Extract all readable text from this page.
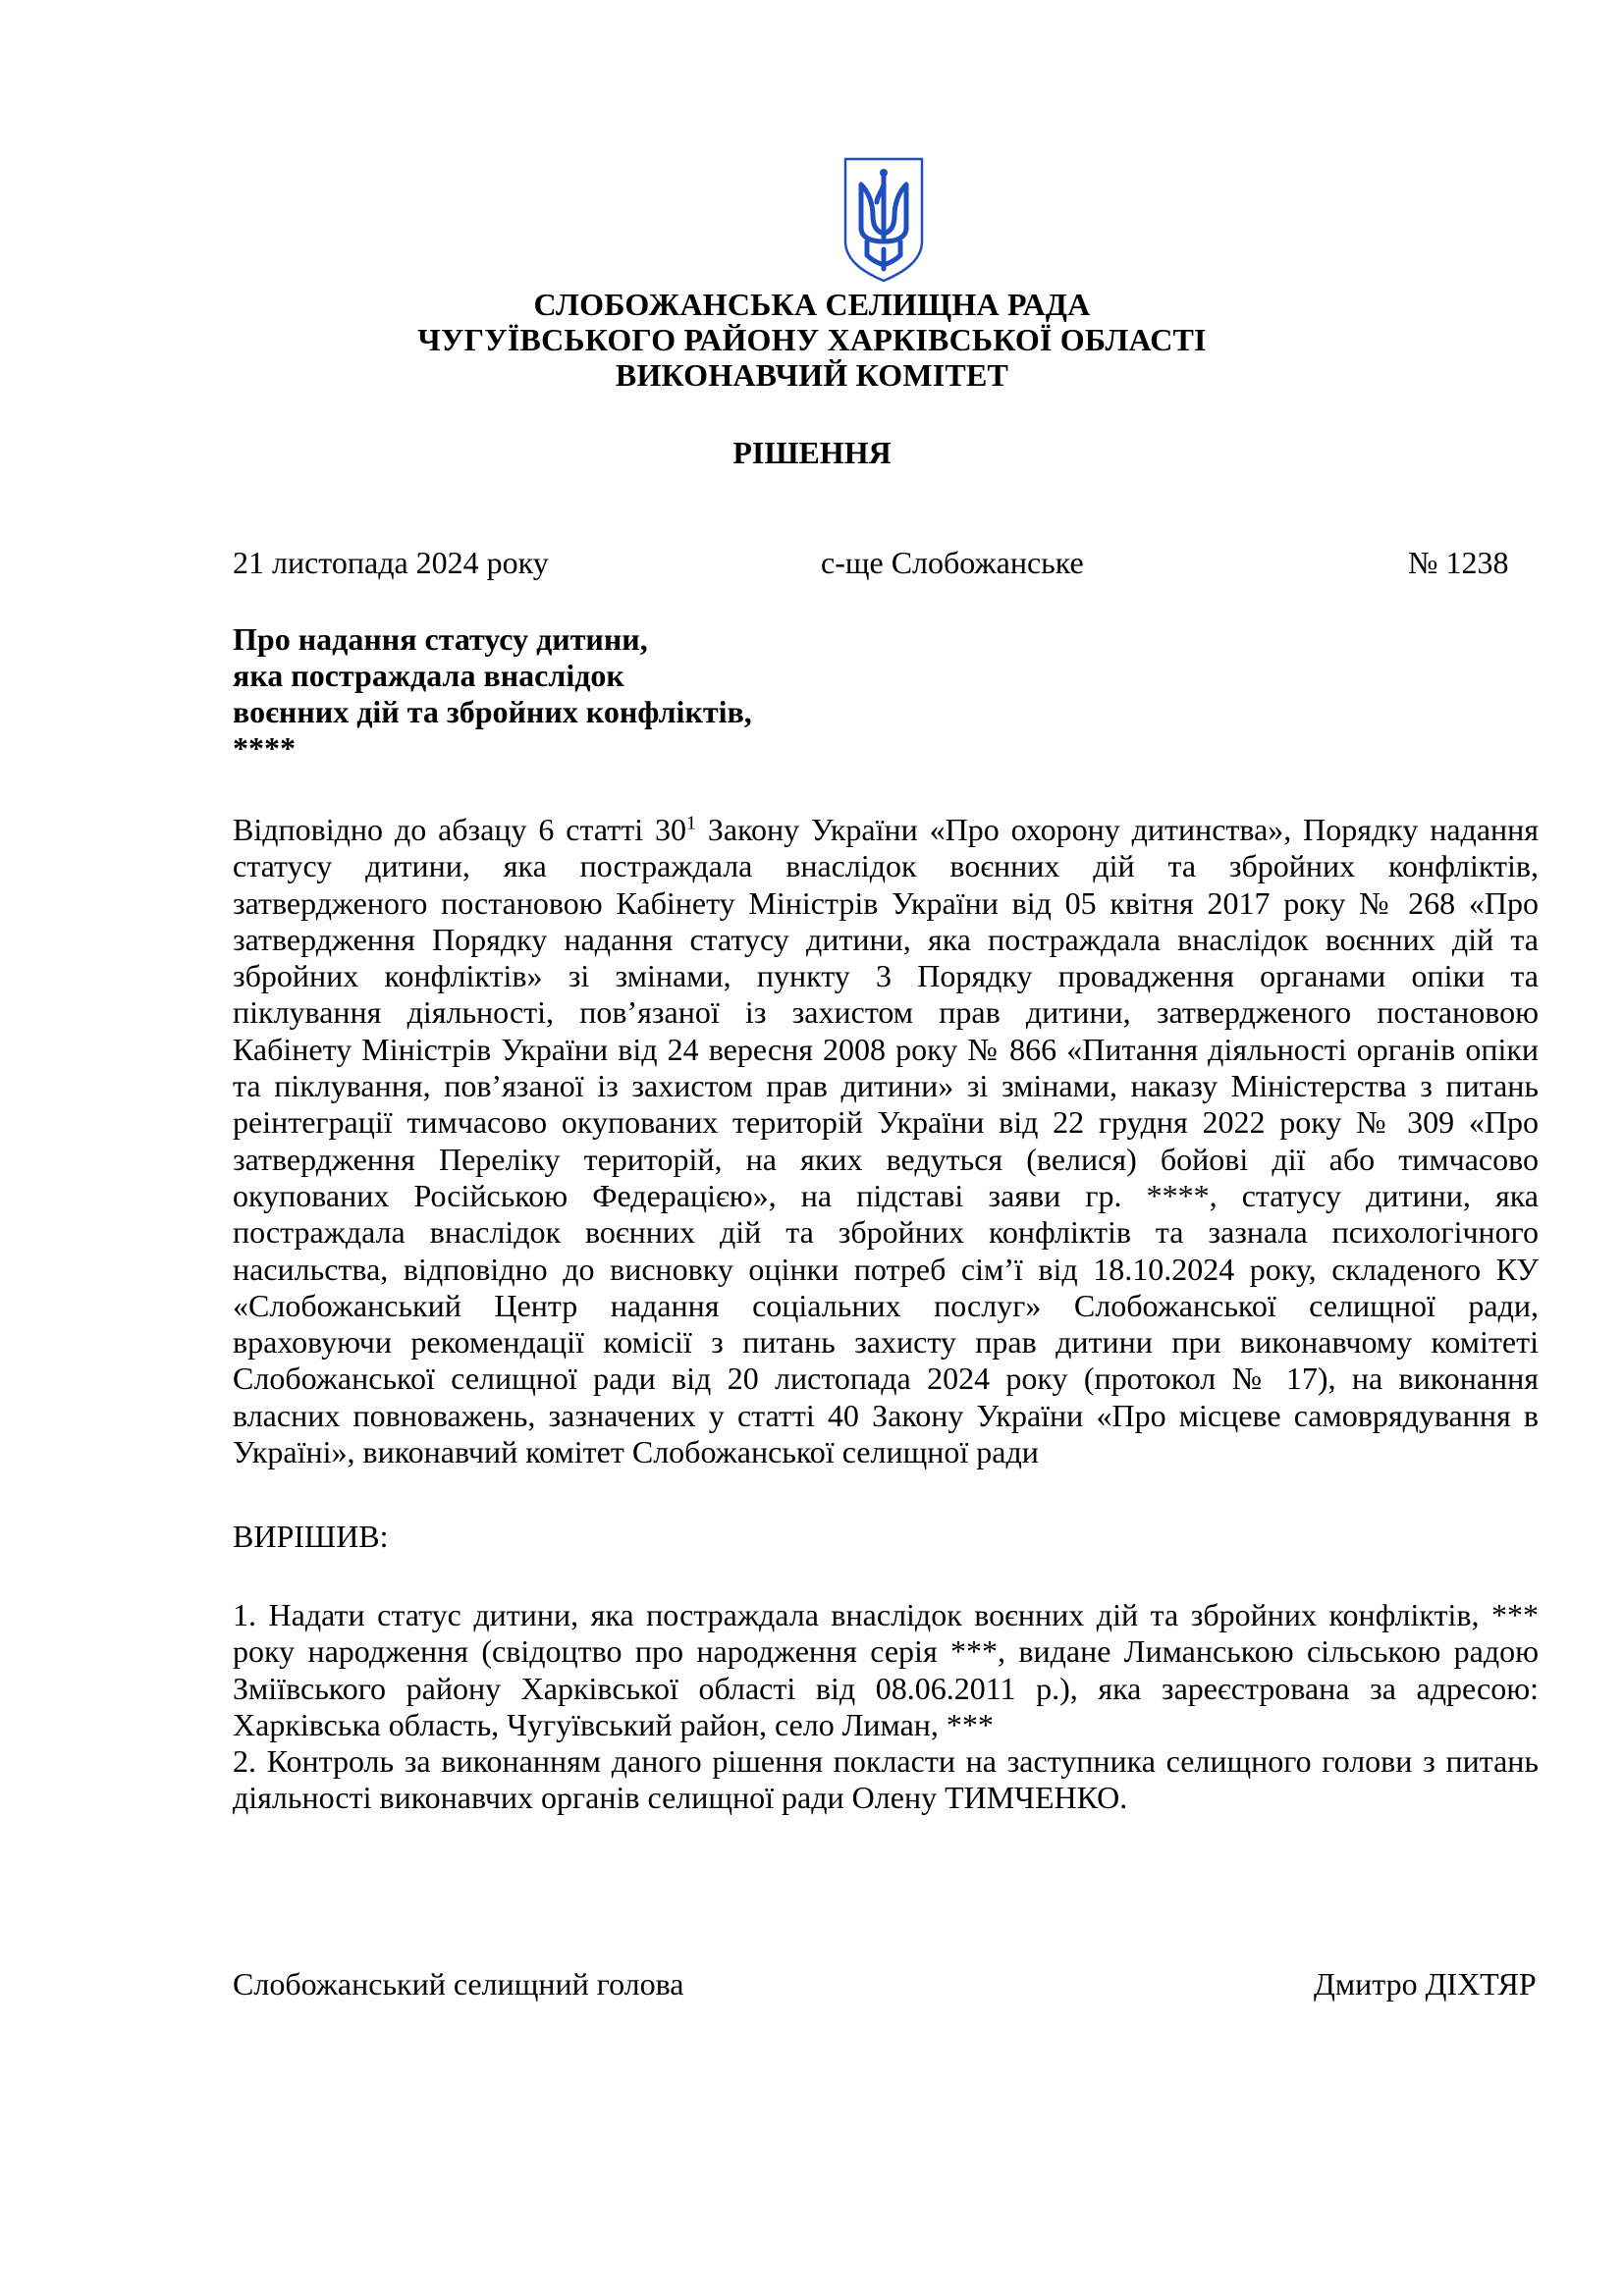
СЛОБОЖАНСЬКА СЕЛИЩНА РАДА
ЧУГУЇВСЬКОГО РАЙОНУ ХАРКІВСЬКОЇ ОБЛАСТІ
ВИКОНАВЧИЙ КОМІТЕТ
РІШЕННЯ
21 листопада 2024 року	с-ще Слобожанське	№ 1238
Про надання статусу дитини,
яка постраждала внаслідок
воєнних дій та збройних конфліктів,
****
Відповідно до абзацу 6 статті $30^1$ Закону України «Про охорону дитинства», Порядку надання
статусу дитини, яка постраждала внаслідок воєнних дій та збройних конфліктів,
затвердженого постановою Кабінету Міністрів України від 05 квітня 2017 року № 268 «Про
затвердження Порядку надання статусу дитини, яка постраждала внаслідок воєнних дій та
збройних конфліктів» зі змінами, пункту 3 Порядку провадження органами опіки та
піклування діяльності, пов’язаної із захистом прав дитини, затвердженого постановою
Кабінету Міністрів України від 24 вересня 2008 року № 866 «Питання діяльності органів опіки
та піклування, пов’язаної із захистом прав дитини» зі змінами, наказу Міністерства з питань
реінтеграції тимчасово окупованих територій України від 22 грудня 2022 року № 309 «Про
затвердження Переліку територій, на яких ведуться (велися) бойові дії або тимчасово
окупованих Російською Федерацією», на підставі заяви гр. ****, статусу дитини, яка
постраждала внаслідок воєнних дій та збройних конфліктів та зазнала психологічного
насильства, відповідно до висновку оцінки потреб сім’ї від 18.10.2024 року, складеного КУ
«Слобожанський Центр надання соціальних послуг» Слобожанської селищної ради,
враховуючи рекомендації комісії з питань захисту прав дитини при виконавчому комітеті
Слобожанської селищної ради від 20 листопада 2024 року (протокол № 17), на виконання
власних повноважень, зазначених у статті 40 Закону України «Про місцеве самоврядування в
Україні», виконавчий комітет Слобожанської селищної ради
ВИРІШИВ:
1. Надати статус дитини, яка постраждала внаслідок воєнних дій та збройних конфліктів, ***
року народження (свідоцтво про народження серія ***, видане Лиманською сільською радою
Зміївського району Харківської області від 08.06.2011 р.), яка зареєстрована за адресою:
Харківська область, Чугуївський район, село Лиман, ***
2. Контроль за виконанням даного рішення покласти на заступника селищного голови з питань
діяльності виконавчих органів селищної ради Олену ТИМЧЕНКО.
Слобожанський селищний голова	Дмитро ДІХТЯР
